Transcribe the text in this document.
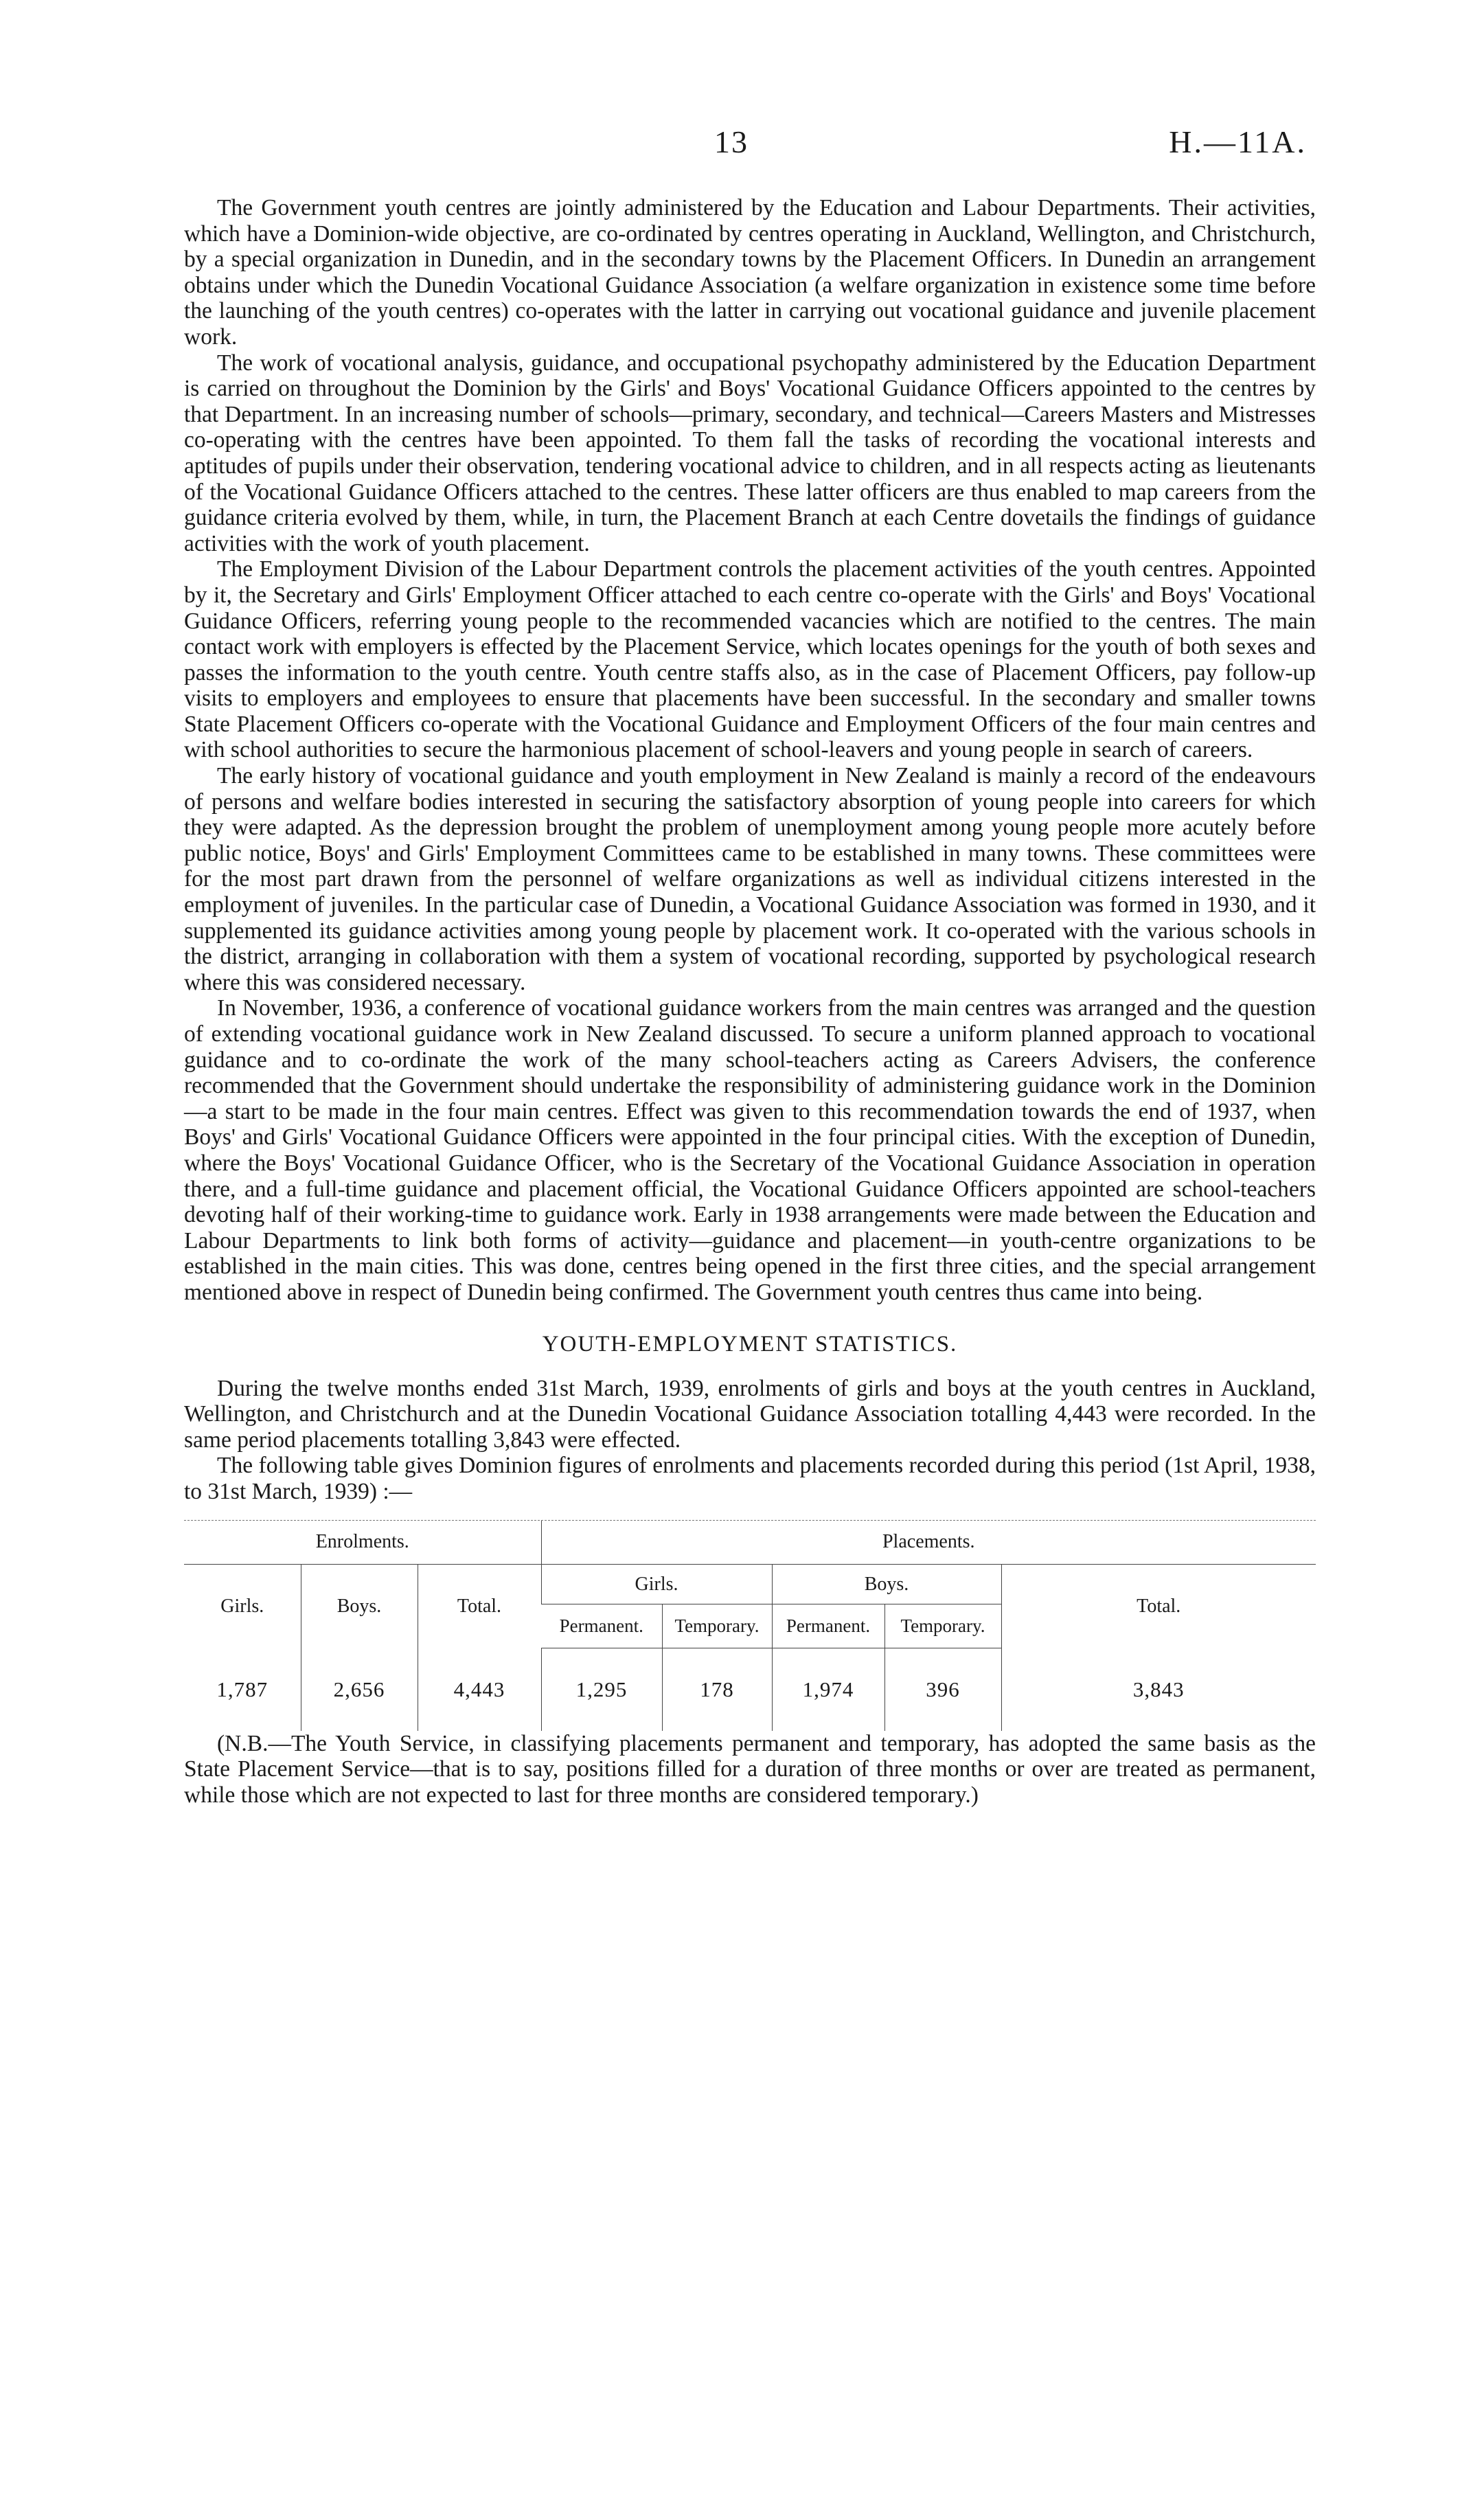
13	H.—11A.

The Government youth centres are jointly administered by the Education and Labour Departments. Their activities, which have a Dominion-wide objective, are co-ordinated by centres operating in Auckland, Wellington, and Christchurch, by a special organization in Dunedin, and in the secondary towns by the Placement Officers. In Dunedin an arrangement obtains under which the Dunedin Vocational Guidance Association (a welfare organization in existence some time before the launching of the youth centres) co-operates with the latter in carrying out vocational guidance and juvenile placement work.

The work of vocational analysis, guidance, and occupational psychopathy administered by the Education Department is carried on throughout the Dominion by the Girls' and Boys' Vocational Guidance Officers appointed to the centres by that Department. In an increasing number of schools—primary, secondary, and technical—Careers Masters and Mistresses co-operating with the centres have been appointed. To them fall the tasks of recording the vocational interests and aptitudes of pupils under their observation, tendering vocational advice to children, and in all respects acting as lieutenants of the Vocational Guidance Officers attached to the centres. These latter officers are thus enabled to map careers from the guidance criteria evolved by them, while, in turn, the Placement Branch at each Centre dovetails the findings of guidance activities with the work of youth placement.

The Employment Division of the Labour Department controls the placement activities of the youth centres. Appointed by it, the Secretary and Girls' Employment Officer attached to each centre co-operate with the Girls' and Boys' Vocational Guidance Officers, referring young people to the recommended vacancies which are notified to the centres. The main contact work with employers is effected by the Placement Service, which locates openings for the youth of both sexes and passes the information to the youth centre. Youth centre staffs also, as in the case of Placement Officers, pay follow-up visits to employers and employees to ensure that placements have been successful. In the secondary and smaller towns State Placement Officers co-operate with the Vocational Guidance and Employment Officers of the four main centres and with school authorities to secure the harmonious placement of school-leavers and young people in search of careers.

The early history of vocational guidance and youth employment in New Zealand is mainly a record of the endeavours of persons and welfare bodies interested in securing the satisfactory absorption of young people into careers for which they were adapted. As the depression brought the problem of unemployment among young people more acutely before public notice, Boys' and Girls' Employment Committees came to be established in many towns. These committees were for the most part drawn from the personnel of welfare organizations as well as individual citizens interested in the employment of juveniles. In the particular case of Dunedin, a Vocational Guidance Association was formed in 1930, and it supplemented its guidance activities among young people by placement work. It co-operated with the various schools in the district, arranging in collaboration with them a system of vocational recording, supported by psychological research where this was considered necessary.

In November, 1936, a conference of vocational guidance workers from the main centres was arranged and the question of extending vocational guidance work in New Zealand discussed. To secure a uniform planned approach to vocational guidance and to co-ordinate the work of the many school-teachers acting as Careers Advisers, the conference recommended that the Government should undertake the responsibility of administering guidance work in the Dominion—a start to be made in the four main centres. Effect was given to this recommendation towards the end of 1937, when Boys' and Girls' Vocational Guidance Officers were appointed in the four principal cities. With the exception of Dunedin, where the Boys' Vocational Guidance Officer, who is the Secretary of the Vocational Guidance Association in operation there, and a full-time guidance and placement official, the Vocational Guidance Officers appointed are school-teachers devoting half of their working-time to guidance work. Early in 1938 arrangements were made between the Education and Labour Departments to link both forms of activity—guidance and placement—in youth-centre organizations to be established in the main cities. This was done, centres being opened in the first three cities, and the special arrangement mentioned above in respect of Dunedin being confirmed. The Government youth centres thus came into being.

YOUTH-EMPLOYMENT STATISTICS.

During the twelve months ended 31st March, 1939, enrolments of girls and boys at the youth centres in Auckland, Wellington, and Christchurch and at the Dunedin Vocational Guidance Association totalling 4,443 were recorded. In the same period placements totalling 3,843 were effected.

The following table gives Dominion figures of enrolments and placements recorded during this period (1st April, 1938, to 31st March, 1939) :—

Enrolments.			Placements.				
Girls.	Boys.	Total.	Girls.		Boys.		Total.
			Permanent.	Temporary.	Permanent.	Temporary.	
1,787	2,656	4,443	1,295	178	1,974	396	3,843

(N.B.—The Youth Service, in classifying placements permanent and temporary, has adopted the same basis as the State Placement Service—that is to say, positions filled for a duration of three months or over are treated as permanent, while those which are not expected to last for three months are considered temporary.)
